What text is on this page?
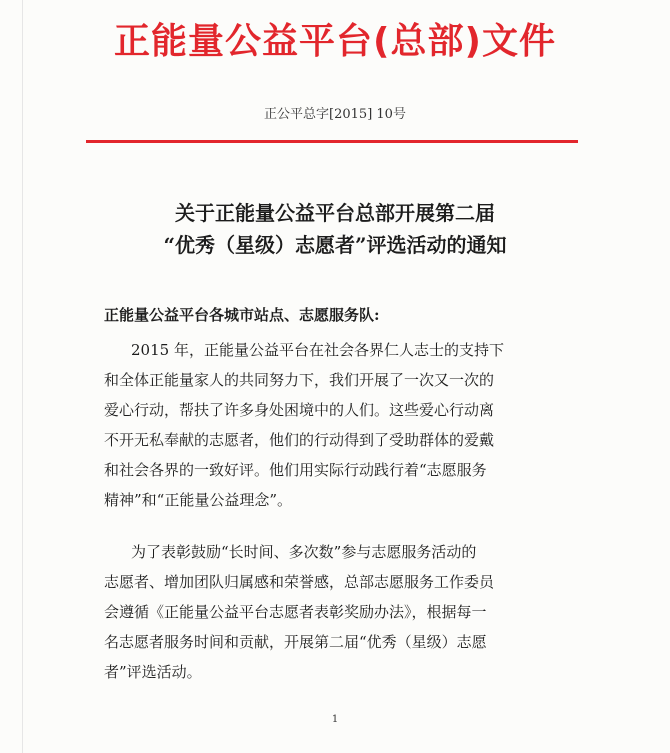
正能量公益平台(总部)文件
正公平总字[2015] 10号
关于正能量公益平台总部开展第二届
“优秀（星级）志愿者”评选活动的通知
正能量公益平台各城市站点、志愿服务队:
2015 年，正能量公益平台在社会各界仁人志士的支持下
和全体正能量家人的共同努力下，我们开展了一次又一次的
爱心行动，帮扶了许多身处困境中的人们。这些爱心行动离
不开无私奉献的志愿者，他们的行动得到了受助群体的爱戴
和社会各界的一致好评。他们用实际行动践行着“志愿服务
精神”和“正能量公益理念”。
为了表彰鼓励“长时间、多次数”参与志愿服务活动的
志愿者、增加团队归属感和荣誉感，总部志愿服务工作委员
会遵循《正能量公益平台志愿者表彰奖励办法》，根据每一
名志愿者服务时间和贡献，开展第二届“优秀（星级）志愿
者”评选活动。
1
